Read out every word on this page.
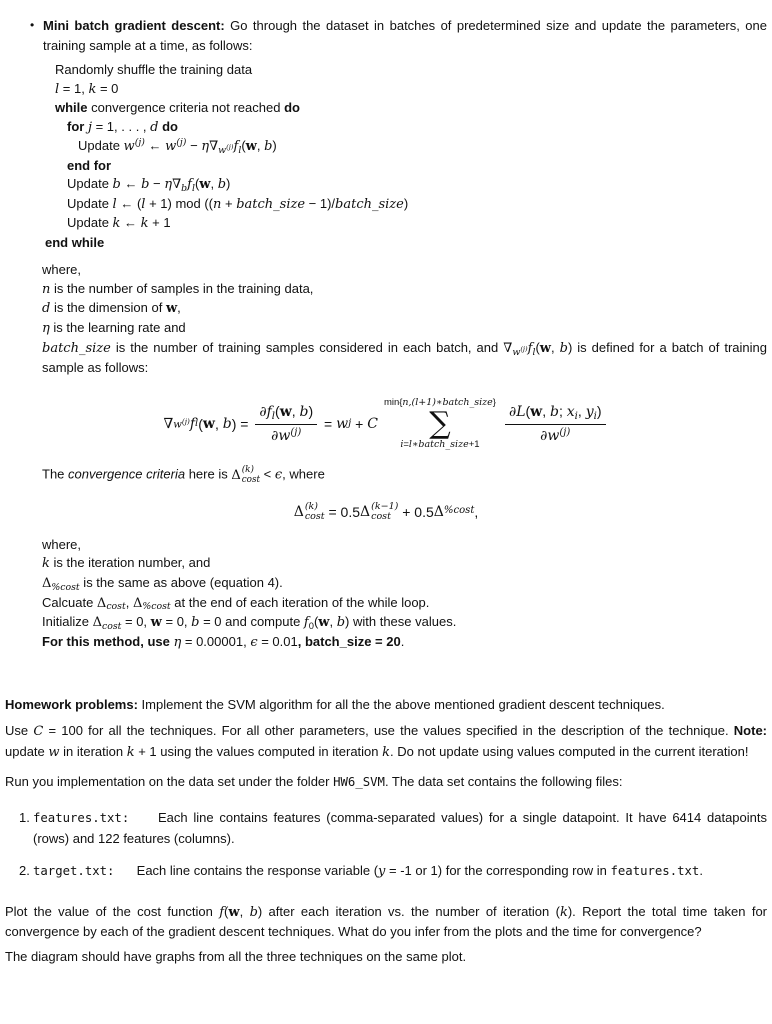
• Mini batch gradient descent: Go through the dataset in batches of predetermined size and update the parameters, one training sample at a time, as follows:
Randomly shuffle the training data
l = 1, k = 0
while convergence criteria not reached do
for j = 1, . . . , d do
Update $w^{(j)}$ ← $w^{(j)} - \eta\nabla_{w^{(j)}}f_l(w$, b)
end for
Update b ← $b - \eta\nabla_bf_l(w$, b)
Update l ← (l + 1) mod ((n + batch_size − 1)/batch_size)
Update k ← k + 1
end while
where,
n is the number of samples in the training data,
d is the dimension of w,
η is the learning rate and
batch_size is the number of training samples considered in each batch, and $\nabla_{w^{(j)}}f_l(w$, b) is defined for a batch of training sample as follows:
∇ $w^{(j)}$ f l ( w , b ) = $\frac{\partial f_l(w, b)}{\partial w^{(j)}} = w$ j + C
min{n,(l+1)∗batch_size}
∑
i=l∗batch_size+1 $\frac{\partial L(w, b; x_i, y_i)}{\partial w^{(j)}}$
The convergence criteria here is Δ (k)
cost < ϵ, where
Δ (k)
cost = 0.5 Δ (k−1)
cost + 0.5 Δ %cost ,
where,
k is the iteration number, and
$\Delta_{\%cost}$ is the same as above (equation 4).
Calcuate $\Delta_{cost}$, $\Delta_{\%cost}$ at the end of each iteration of the while loop.
Initialize $\Delta_{cost} = 0$, w = 0, b = 0 and compute $f_0(w$, b) with these values.
For this method, use η = 0.00001, ϵ = 0.01, batch_size = 20.
Homework problems: Implement the SVM algorithm for all the the above mentioned gradient descent techniques.
Use C = 100 for all the techniques. For all other parameters, use the values specified in the description of the technique. Note: update w in iteration k + 1 using the values computed in iteration k. Do not update using values computed in the current iteration!
Run you implementation on the data set under the folder HW6_SVM. The data set contains the following files:
1. features.txt:   Each line contains features (comma-separated values) for a single datapoint. It have 6414 datapoints (rows) and 122 features (columns).
2. target.txt:   Each line contains the response variable (y = -1 or 1) for the corresponding row in features.txt.
Plot the value of the cost function f(w, b) after each iteration vs. the number of iteration (k). Report the total time taken for convergence by each of the gradient descent techniques. What do you infer from the plots and the time for convergence?
The diagram should have graphs from all the three techniques on the same plot.
